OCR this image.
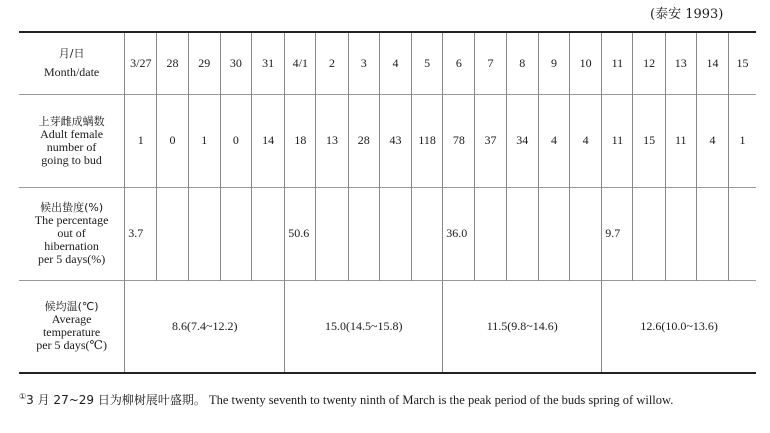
(泰安 1993)
月/日
Month/date	3/27	28	29	30	31	4/1	2	3	4	5	6	7	8	9	10	11	12	13	14	15

上芽雌成螨数
Adult female
number of
going to bud	1	0	1	0	14	18	13	28	43	118	78	37	34	4	4	11	15	11	4	1

候出蛰度(%)
The percentage
out of
hibernation
per 5 days(%)	3.7					50.6					36.0					9.7				

候均温(℃)
Average
temperature
per 5 days(℃)	8.6(7.4~12.2)					15.0(14.5~15.8)					11.5(9.8~14.6)					12.6(10.0~13.6)				
①3 月 27~29 日为柳树展叶盛期。 The twenty seventh to twenty ninth of March is the peak period of the buds spring of willow.
